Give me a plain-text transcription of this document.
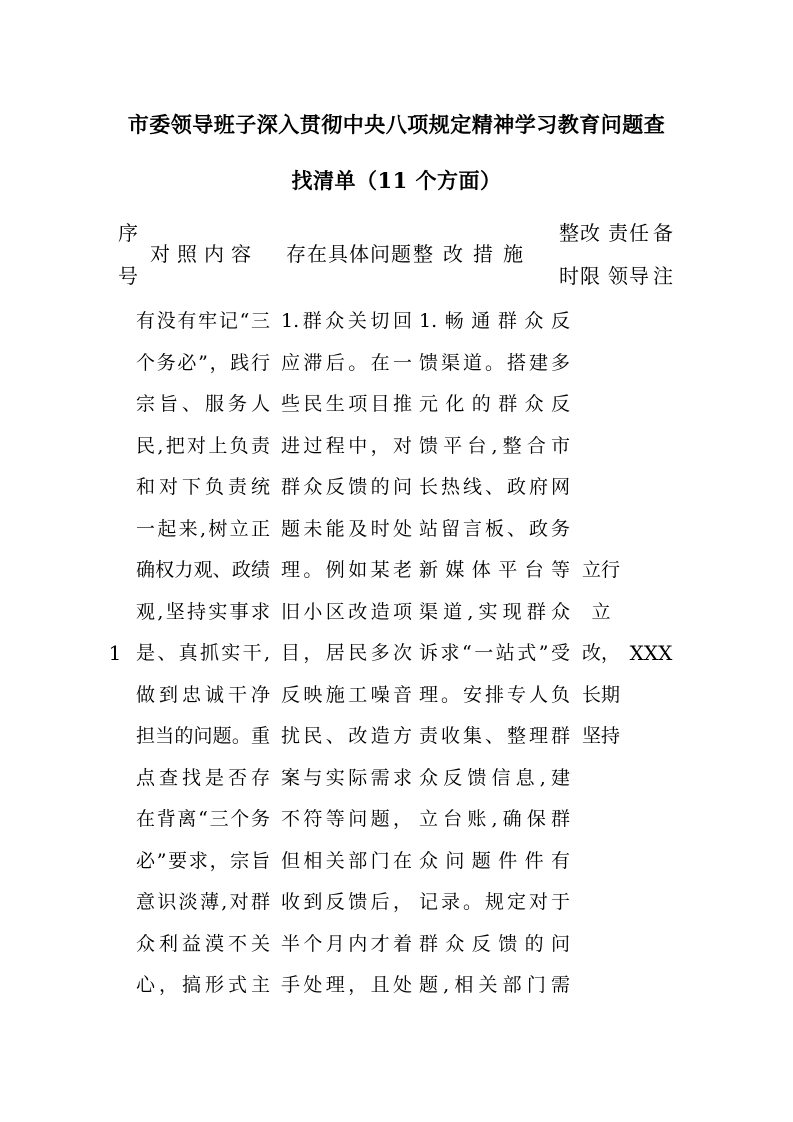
市委领导班子深入贯彻中央八项规定精神学习教育问题查
找清单（11 个方面）
序
号
对照内容	存在具体问题 整改措施
整改
时限
责任
领导
备
注
1
有没有牢记“三
个务必”，践行
宗旨、服务人
民,把对上负责
和对下负责统
一起来,树立正
确权力观、政绩
观,坚持实事求
是、真抓实干,
做到忠诚干净
担当的问题。重
点查找是否存
在背离“三个务
必”要求，宗旨
意识淡薄,对群
众利益漠不关
心，搞形式主
1.群众关切回
应滞后。在一
些民生项目推
进过程中，对
群众反馈的问
题未能及时处
理。例如某老
旧小区改造项
目，居民多次
反映施工噪音
扰民、改造方
案与实际需求
不符等问题，
但相关部门在
收到反馈后，
半个月内才着
手处理，且处
1.畅通群众反
馈渠道。搭建多
元化的群众反
馈平台,整合市
长热线、政府网
站留言板、政务
新媒体平台等
渠道,实现群众
诉求“一站式”受
理。安排专人负
责收集、整理群
众反馈信息,建
立台账,确保群
众问题件件有
记录。规定对于
群众反馈的问
题,相关部门需
立行
立
改，
长期
坚持
XXX
